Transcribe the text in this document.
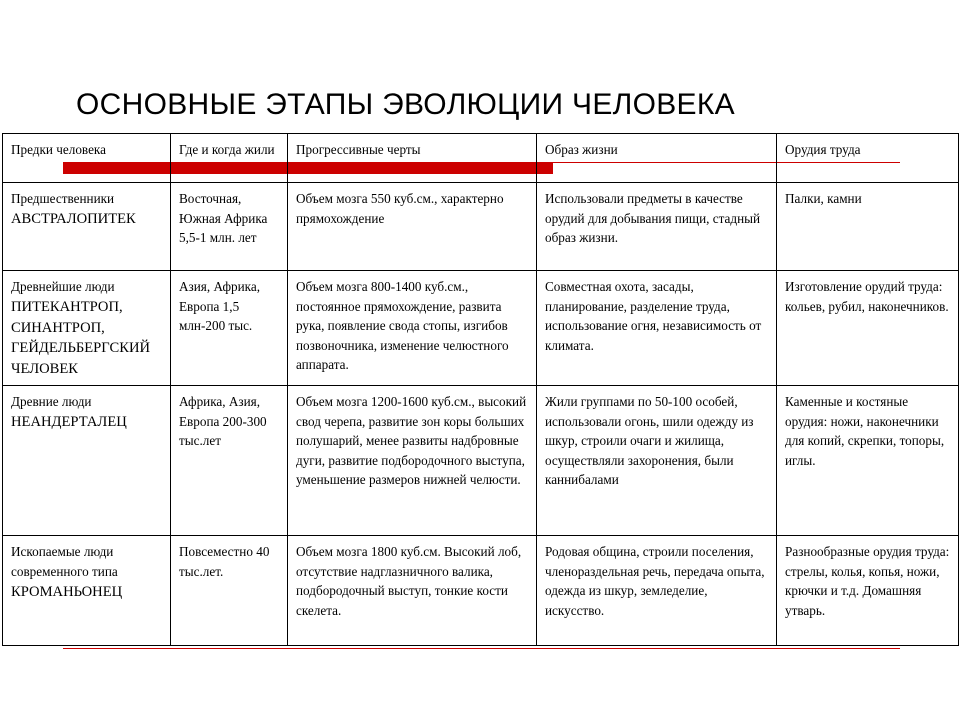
ОСНОВНЫЕ ЭТАПЫ ЭВОЛЮЦИИ ЧЕЛОВЕКА
Предки человека	Где и когда жили	Прогрессивные черты	Образ жизни	Орудия труда

Предшественники
АВСТРАЛОПИТЕК	Восточная, Южная Африка 5,5-1 млн. лет	Объем мозга 550 куб.см., характерно прямохождение	Использовали предметы в качестве орудий для добывания пищи, стадный образ жизни.	Палки, камни

Древнейшие люди
ПИТЕКАНТРОП, СИНАНТРОП, ГЕЙДЕЛЬБЕРГСКИЙ ЧЕЛОВЕК	Азия, Африка, Европа 1,5 млн-200 тыс.	Объем мозга 800-1400 куб.см., постоянное прямохождение, развита рука, появление свода стопы, изгибов позвоночника, изменение челюстного аппарата.	Совместная охота, засады, планирование, разделение труда, использование огня, независимость от климата.	Изготовление орудий труда: кольев, рубил, наконечников.

Древние люди
НЕАНДЕРТАЛЕЦ	Африка, Азия, Европа 200-300 тыс.лет	Объем мозга 1200-1600 куб.см., высокий свод черепа, развитие зон коры больших полушарий, менее развиты надбровные дуги, развитие подбородочного выступа, уменьшение размеров нижней челюсти.	Жили группами по 50-100 особей, использовали огонь, шили одежду из шкур, строили очаги и жилища, осуществляли захоронения, были каннибалами	Каменные и костяные орудия: ножи, наконечники для копий, скрепки, топоры, иглы.

Ископаемые люди современного типа
КРОМАНЬОНЕЦ	Повсеместно 40 тыс.лет.	Объем мозга 1800 куб.см. Высокий лоб, отсутствие надглазничного валика, подбородочный выступ, тонкие кости скелета.	Родовая община, строили поселения, членораздельная речь, передача опыта, одежда из шкур, земледелие, искусство.	Разнообразные орудия труда: стрелы, колья, копья, ножи, крючки и т.д. Домашняя утварь.
